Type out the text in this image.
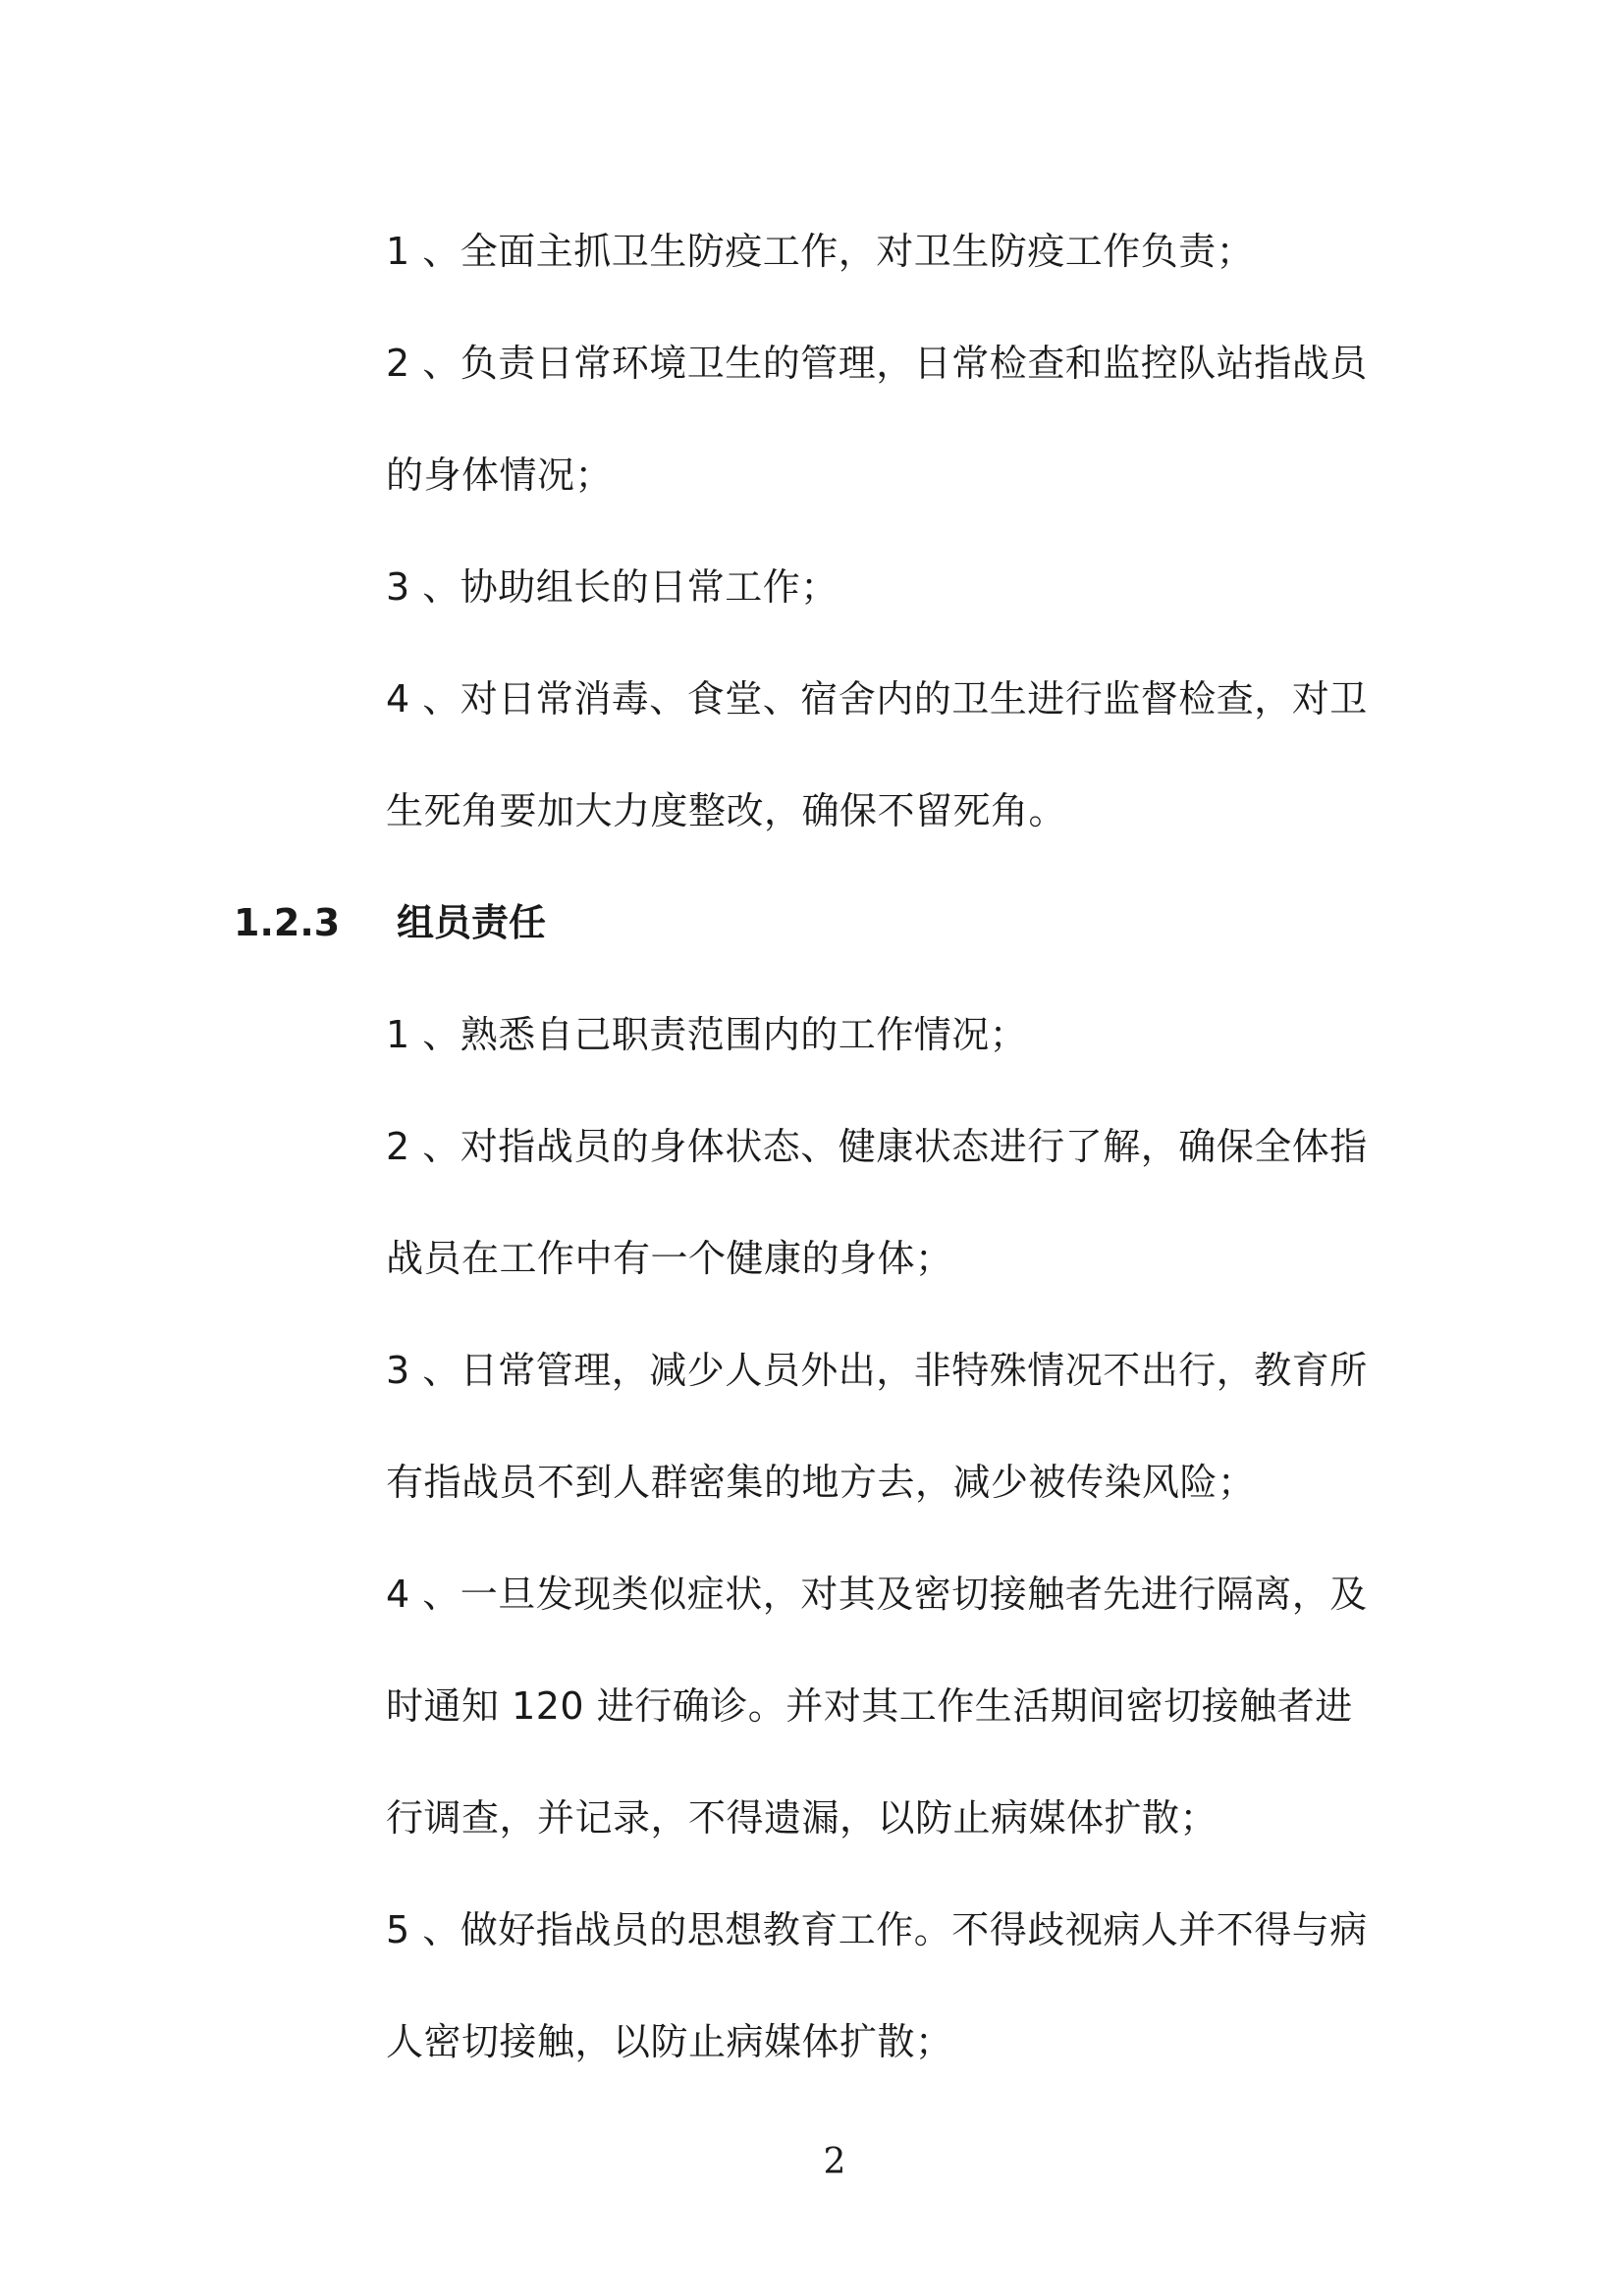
1 、全面主抓卫生防疫工作，对卫生防疫工作负责；
2 、负责日常环境卫生的管理，日常检查和监控队站指战员
的身体情况；
3 、协助组长的日常工作；
4 、对日常消毒、食堂、宿舍内的卫生进行监督检查，对卫
生死角要加大力度整改，确保不留死角。
1.2.3 组员责任
1 、熟悉自己职责范围内的工作情况；
2 、对指战员的身体状态、健康状态进行了解，确保全体指
战员在工作中有一个健康的身体；
3 、日常管理，减少人员外出，非特殊情况不出行，教育所
有指战员不到人群密集的地方去，减少被传染风险；
4 、一旦发现类似症状，对其及密切接触者先进行隔离，及
时通知 120 进行确诊。并对其工作生活期间密切接触者进
行调查，并记录，不得遗漏，以防止病媒体扩散；
5 、做好指战员的思想教育工作。不得歧视病人并不得与病
人密切接触，以防止病媒体扩散；
2
